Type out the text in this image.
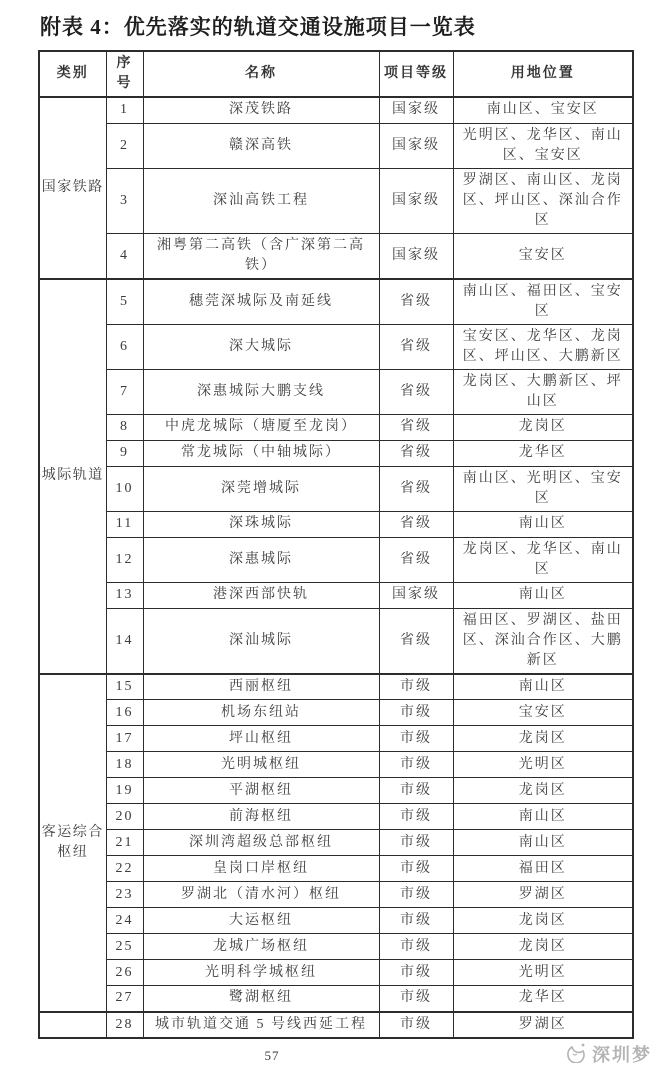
附表 4：优先落实的轨道交通设施项目一览表
类别	序号	名称	项目等级	用地位置
国家铁路	1	深茂铁路	国家级	南山区、宝安区
	2	赣深高铁	国家级	光明区、龙华区、南山区、宝安区
	3	深汕高铁工程	国家级	罗湖区、南山区、龙岗区、坪山区、深汕合作区
	4	湘粤第二高铁（含广深第二高铁）	国家级	宝安区
城际轨道	5	穗莞深城际及南延线	省级	南山区、福田区、宝安区
	6	深大城际	省级	宝安区、龙华区、龙岗区、坪山区、大鹏新区
	7	深惠城际大鹏支线	省级	龙岗区、大鹏新区、坪山区
	8	中虎龙城际（塘厦至龙岗）	省级	龙岗区
	9	常龙城际（中轴城际）	省级	龙华区
	10	深莞增城际	省级	南山区、光明区、宝安区
	11	深珠城际	省级	南山区
	12	深惠城际	省级	龙岗区、龙华区、南山区
	13	港深西部快轨	国家级	南山区
	14	深汕城际	省级	福田区、罗湖区、盐田区、深汕合作区、大鹏新区
客运综合枢纽	15	西丽枢纽	市级	南山区
	16	机场东纽站	市级	宝安区
	17	坪山枢纽	市级	龙岗区
	18	光明城枢纽	市级	光明区
	19	平湖枢纽	市级	龙岗区
	20	前海枢纽	市级	南山区
	21	深圳湾超级总部枢纽	市级	南山区
	22	皇岗口岸枢纽	市级	福田区
	23	罗湖北（清水河）枢纽	市级	罗湖区
	24	大运枢纽	市级	龙岗区
	25	龙城广场枢纽	市级	龙岗区
	26	光明科学城枢纽	市级	光明区
	27	鹭湖枢纽	市级	龙华区
	28	城市轨道交通 5 号线西延工程	市级	罗湖区
57	深圳梦
